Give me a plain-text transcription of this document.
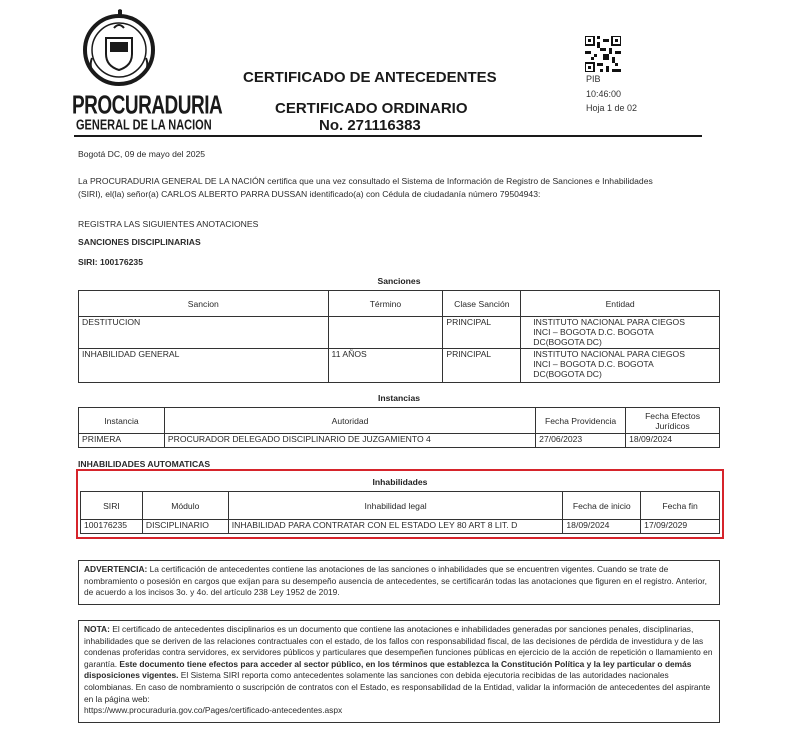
PROCURADURIA
GENERAL DE LA NACION
CERTIFICADO DE ANTECEDENTES
CERTIFICADO ORDINARIO
No. 271116383
PIB
10:46:00
Hoja 1 de 02
Bogotá DC, 09 de mayo del 2025
La PROCURADURIA GENERAL DE LA NACIÓN certifica que una vez consultado el Sistema de Información de Registro de Sanciones e Inhabilidades
(SIRI), el(la) señor(a) CARLOS ALBERTO PARRA DUSSAN identificado(a) con Cédula de ciudadanía número 79504943:
REGISTRA LAS SIGUIENTES ANOTACIONES
SANCIONES DISCIPLINARIAS
SIRI: 100176235
Sanciones
Sancion	Término	Clase Sanción	Entidad
DESTITUCION		PRINCIPAL	INSTITUTO NACIONAL PARA CIEGOS
INCI – BOGOTA D.C. BOGOTA
DC(BOGOTA DC)
INHABILIDAD GENERAL	11 AÑOS	PRINCIPAL	INSTITUTO NACIONAL PARA CIEGOS
INCI – BOGOTA D.C. BOGOTA
DC(BOGOTA DC)
Instancias
Instancia	Autoridad	Fecha Providencia	Fecha Efectos
Jurídicos
PRIMERA	PROCURADOR DELEGADO DISCIPLINARIO DE JUZGAMIENTO 4	27/06/2023	18/09/2024
INHABILIDADES AUTOMATICAS
Inhabilidades
SIRI	Módulo	Inhabilidad legal	Fecha de inicio	Fecha fin
100176235	DISCIPLINARIO	INHABILIDAD PARA CONTRATAR CON EL ESTADO LEY 80 ART 8 LIT. D	18/09/2024	17/09/2029
ADVERTENCIA: La certificación de antecedentes contiene las anotaciones de las sanciones o inhabilidades que se encuentren vigentes. Cuando se trate de nombramiento o posesión en cargos que exijan para su desempeño ausencia de antecedentes, se certificarán todas las anotaciones que figuren en el registro. Anterior, de acuerdo a los incisos 3o. y 4o. del artículo 238 Ley 1952 de 2019.
NOTA: El certificado de antecedentes disciplinarios es un documento que contiene las anotaciones e inhabilidades generadas por sanciones penales, disciplinarias, inhabilidades que se deriven de las relaciones contractuales con el estado, de los fallos con responsabilidad fiscal, de las decisiones de pérdida de investidura y de las condenas proferidas contra servidores, ex servidores públicos y particulares que desempeñen funciones públicas en ejercicio de la acción de repetición o llamamiento en garantía. Este documento tiene efectos para acceder al sector público, en los términos que establezca la Constitución Política y la ley particular o demás disposiciones vigentes. El Sistema SIRI reporta como antecedentes solamente las sanciones con debida ejecutoria recibidas de las autoridades nacionales colombianas. En caso de nombramiento o suscripción de contratos con el Estado, es responsabilidad de la Entidad, validar la información de antecedentes del aspirante en la página web:
https://www.procuraduria.gov.co/Pages/certificado-antecedentes.aspx
